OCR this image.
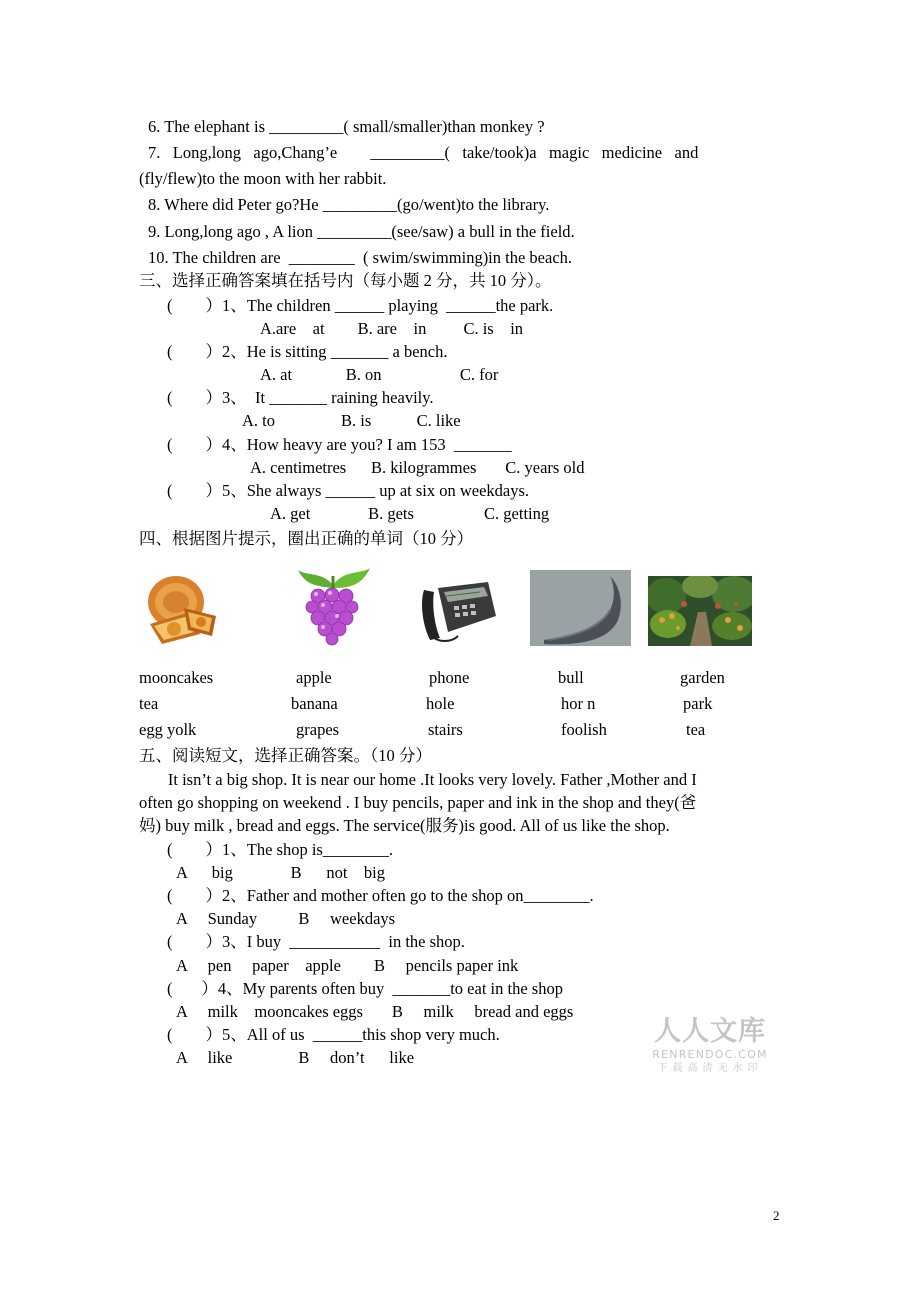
6. The elephant is _________( small/smaller)than monkey ?
7.   Long,long   ago,Chang’e        _________(   take/took)a   magic   medicine   and
(fly/flew)to the moon with her rabbit.
8. Where did Peter go?He _________(go/went)to the library.
9. Long,long ago , A lion _________(see/saw) a bull in the field.
10. The children are  ________  ( swim/swimming)in the beach.
三、选择正确答案填在括号内（每小题 2 分，共 10 分）。
(        ）1、The children ______ playing  ______the park.
A.are    at        B. are    in         C. is    in
(        ）2、He is sitting _______ a bench.
A. at             B. on                   C. for
(        ）3、  It _______ raining heavily.
A. to                B. is           C. like
(        ）4、How heavy are you? I am 153  _______
A. centimetres      B. kilogrammes       C. years old
(        ）5、She always ______ up at six on weekdays.
A. get              B. gets                 C. getting
四、根据图片提示，圈出正确的单词（10 分）
mooncakes
tea
egg yolk
apple
banana
grapes
phone
hole
stairs
bull
hor n
foolish
garden
park
tea
五、阅读短文，选择正确答案。（10 分）
It isn’t a big shop. It is near our home .It looks very lovely. Father ,Mother and I
often go shopping on weekend . I buy pencils, paper and ink in the shop and they(爸
妈) buy milk , bread and eggs. The service(服务)is good. All of us like the shop.
(        ）1、The shop is________.
A      big              B      not    big
(        ）2、Father and mother often go to the shop on________.
A     Sunday          B     weekdays
(        ）3、I buy  ___________  in the shop.
A     pen     paper    apple        B     pencils paper ink
(       ）4、My parents often buy  _______to eat in the shop
A     milk    mooncakes eggs       B     milk     bread and eggs
(        ）5、All of us  ______this shop very much.
A     like                B     don’t      like
人人文库
RENRENDOC.COM
下载高清无水印
2
